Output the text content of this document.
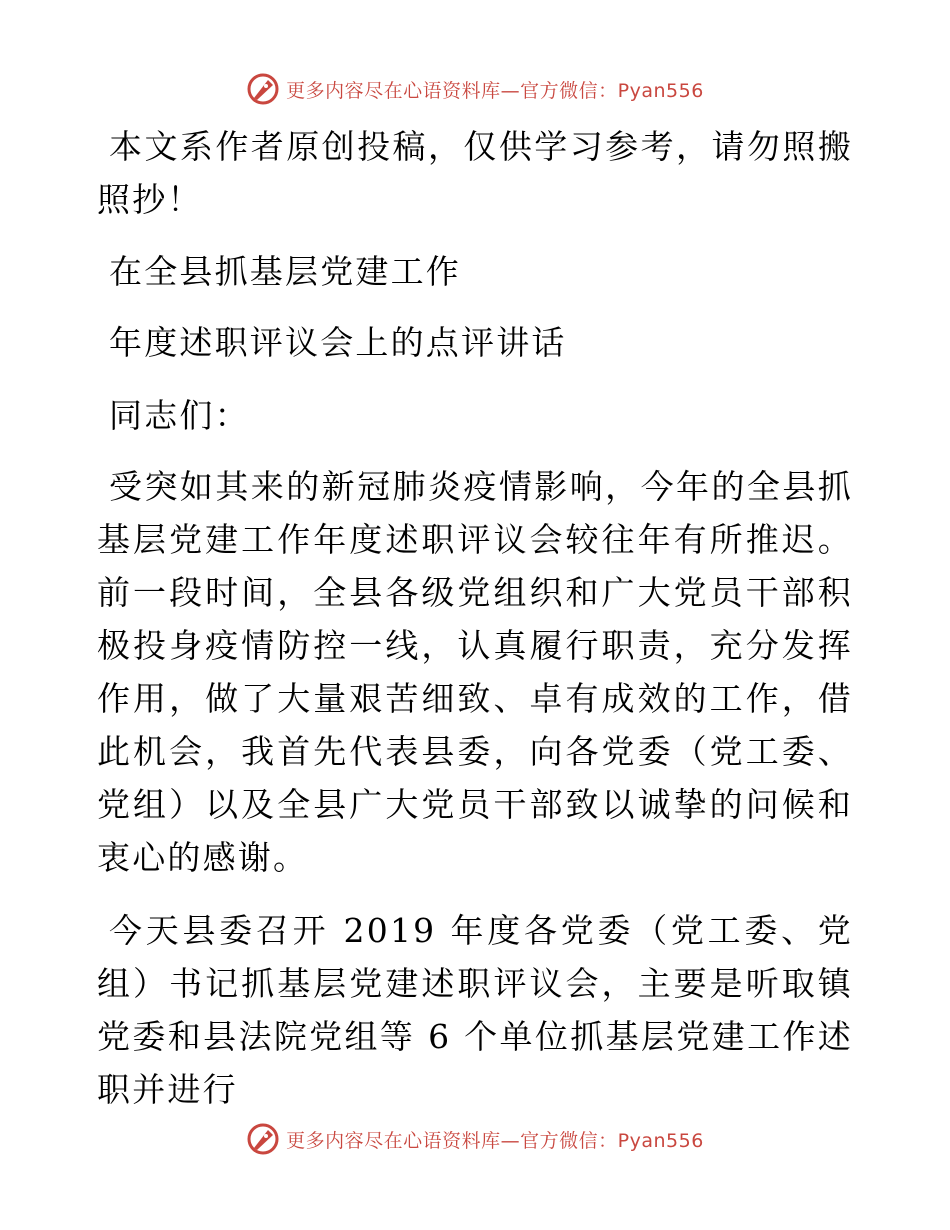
更多内容尽在心语资料库—官方微信：Pyan556

本文系作者原创投稿，仅供学习参考，请勿照搬照抄！

在全县抓基层党建工作

年度述职评议会上的点评讲话

同志们：

受突如其来的新冠肺炎疫情影响，今年的全县抓基层党建工作年度述职评议会较往年有所推迟。前一段时间，全县各级党组织和广大党员干部积极投身疫情防控一线，认真履行职责，充分发挥作用，做了大量艰苦细致、卓有成效的工作，借此机会，我首先代表县委，向各党委（党工委、党组）以及全县广大党员干部致以诚挚的问候和衷心的感谢。

今天县委召开 2019 年度各党委（党工委、党组）书记抓基层党建述职评议会，主要是听取镇党委和县法院党组等 6 个单位抓基层党建工作述职并进行

更多内容尽在心语资料库—官方微信：Pyan556
